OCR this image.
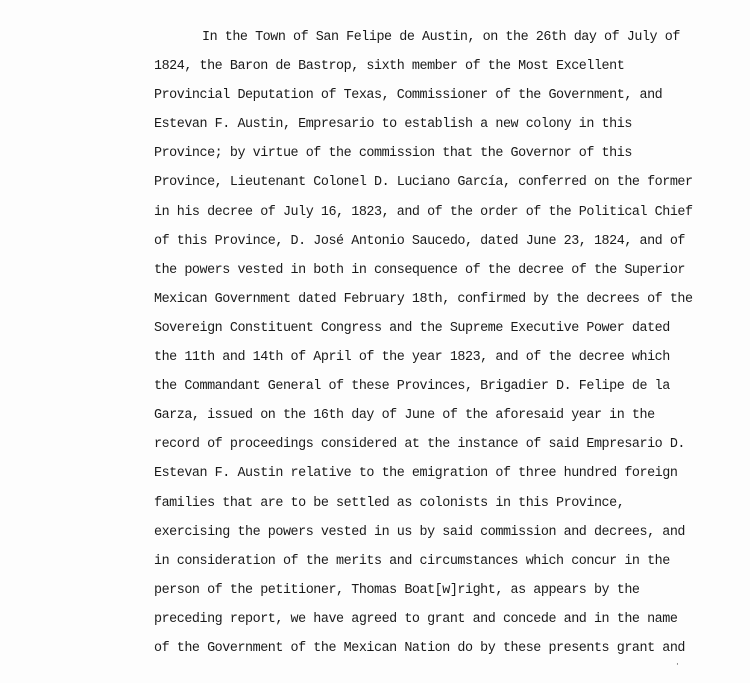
In the Town of San Felipe de Austin, on the 26th day of July of
1824, the Baron de Bastrop, sixth member of the Most Excellent
Provincial Deputation of Texas, Commissioner of the Government, and
Estevan F. Austin, Empresario to establish a new colony in this
Province; by virtue of the commission that the Governor of this
Province, Lieutenant Colonel D. Luciano García, conferred on the former
in his decree of July 16, 1823, and of the order of the Political Chief
of this Province, D. José Antonio Saucedo, dated June 23, 1824, and of
the powers vested in both in consequence of the decree of the Superior
Mexican Government dated February 18th, confirmed by the decrees of the
Sovereign Constituent Congress and the Supreme Executive Power dated
the 11th and 14th of April of the year 1823, and of the decree which
the Commandant General of these Provinces, Brigadier D. Felipe de la
Garza, issued on the 16th day of June of the aforesaid year in the
record of proceedings considered at the instance of said Empresario D.
Estevan F. Austin relative to the emigration of three hundred foreign
families that are to be settled as colonists in this Province,
exercising the powers vested in us by said commission and decrees, and
in consideration of the merits and circumstances which concur in the
person of the petitioner, Thomas Boat[w]right, as appears by the
preceding report, we have agreed to grant and concede and in the name
of the Government of the Mexican Nation do by these presents grant and
·
